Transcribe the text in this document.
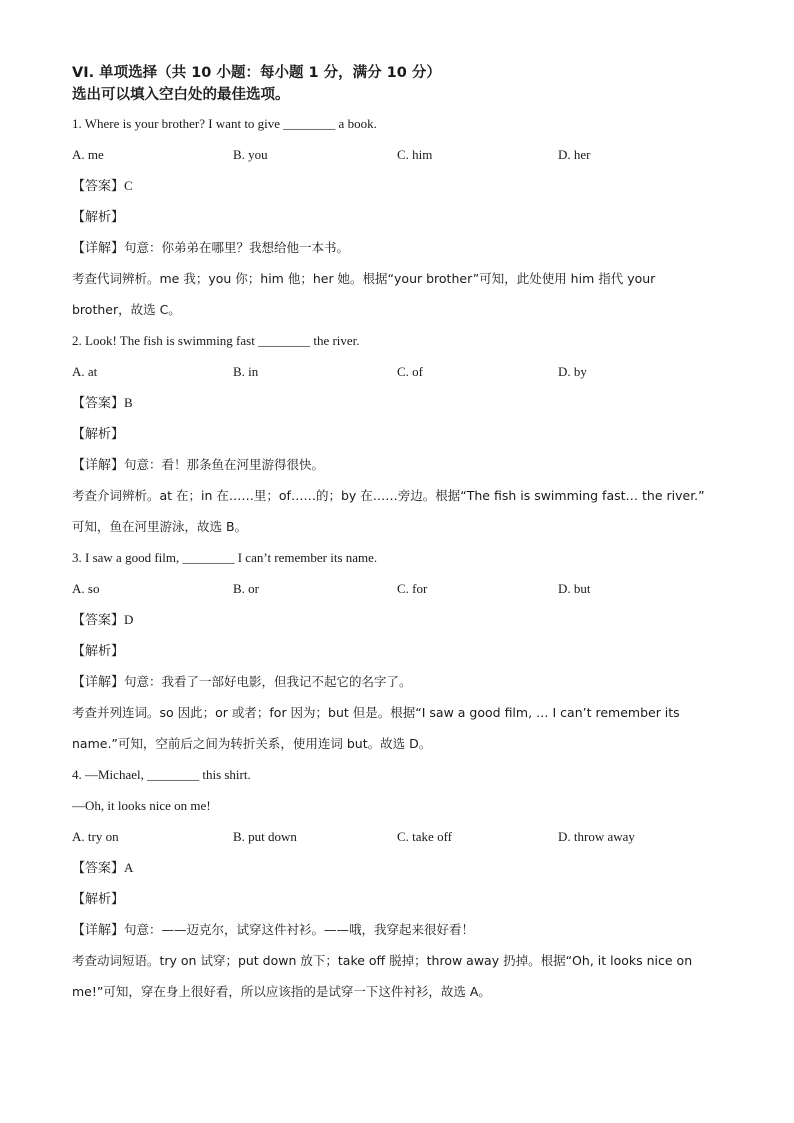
VI. 单项选择（共 10 小题：每小题 1 分，满分 10 分）
选出可以填入空白处的最佳选项。
1. Where is your brother? I want to give ________ a book.
A. me	B. you	C. him	D. her
【答案】C
【解析】
【详解】句意：你弟弟在哪里？我想给他一本书。
考查代词辨析。me 我；you 你；him 他；her 她。根据“your brother”可知，此处使用 him 指代 your
brother，故选 C。
2. Look! The fish is swimming fast ________ the river.
A. at	B. in	C. of	D. by
【答案】B
【解析】
【详解】句意：看！那条鱼在河里游得很快。
考查介词辨析。at 在；in 在……里；of……的；by 在……旁边。根据“The fish is swimming fast… the river.”
可知，鱼在河里游泳，故选 B。
3. I saw a good film, ________ I can’t remember its name.
A. so	B. or	C. for	D. but
【答案】D
【解析】
【详解】句意：我看了一部好电影，但我记不起它的名字了。
考查并列连词。so 因此；or 或者；for 因为；but 但是。根据“I saw a good film, … I can’t remember its
name.”可知，空前后之间为转折关系，使用连词 but。故选 D。
4. —Michael, ________ this shirt.
—Oh, it looks nice on me!
A. try on	B. put down	C. take off	D. throw away
【答案】A
【解析】
【详解】句意：——迈克尔，试穿这件衬衫。——哦，我穿起来很好看！
考查动词短语。try on 试穿；put down 放下；take off 脱掉；throw away 扔掉。根据“Oh, it looks nice on
me!”可知，穿在身上很好看，所以应该指的是试穿一下这件衬衫，故选 A。
